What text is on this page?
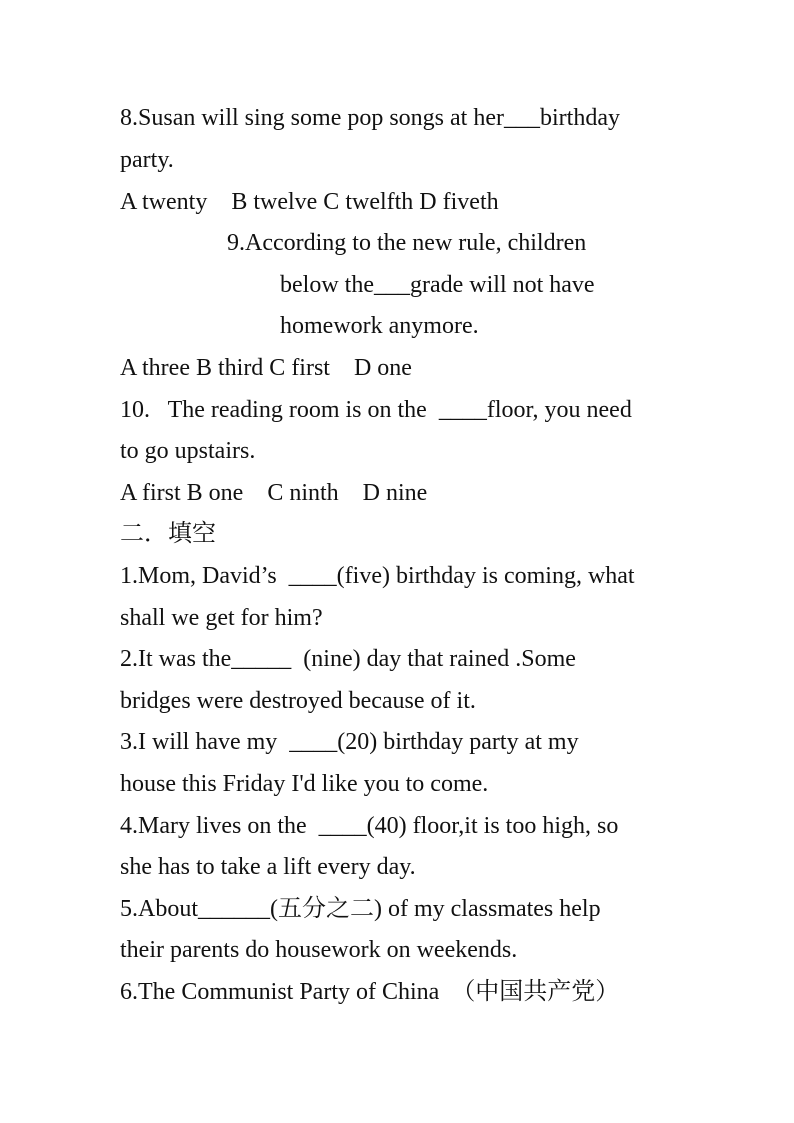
8.Susan will sing some pop songs at her___birthday
party.
A twenty    B twelve C twelfth D fiveth
9.According to the new rule, children
below the___grade will not have
homework anymore.
A three B third C first    D one
10.   The reading room is on the  ____floor, you need
to go upstairs.
A first B one    C ninth    D nine
二．填空
1.Mom, David’s  ____(five) birthday is coming, what
shall we get for him?
2.It was the_____  (nine) day that rained .Some
bridges were destroyed because of it.
3.I will have my  ____(20) birthday party at my
house this Friday I'd like you to come.
4.Mary lives on the  ____(40) floor,it is too high, so
she has to take a lift every day.
5.About______(五分之二) of my classmates help
their parents do housework on weekends.
6.The Communist Party of China  （中国共产党）
